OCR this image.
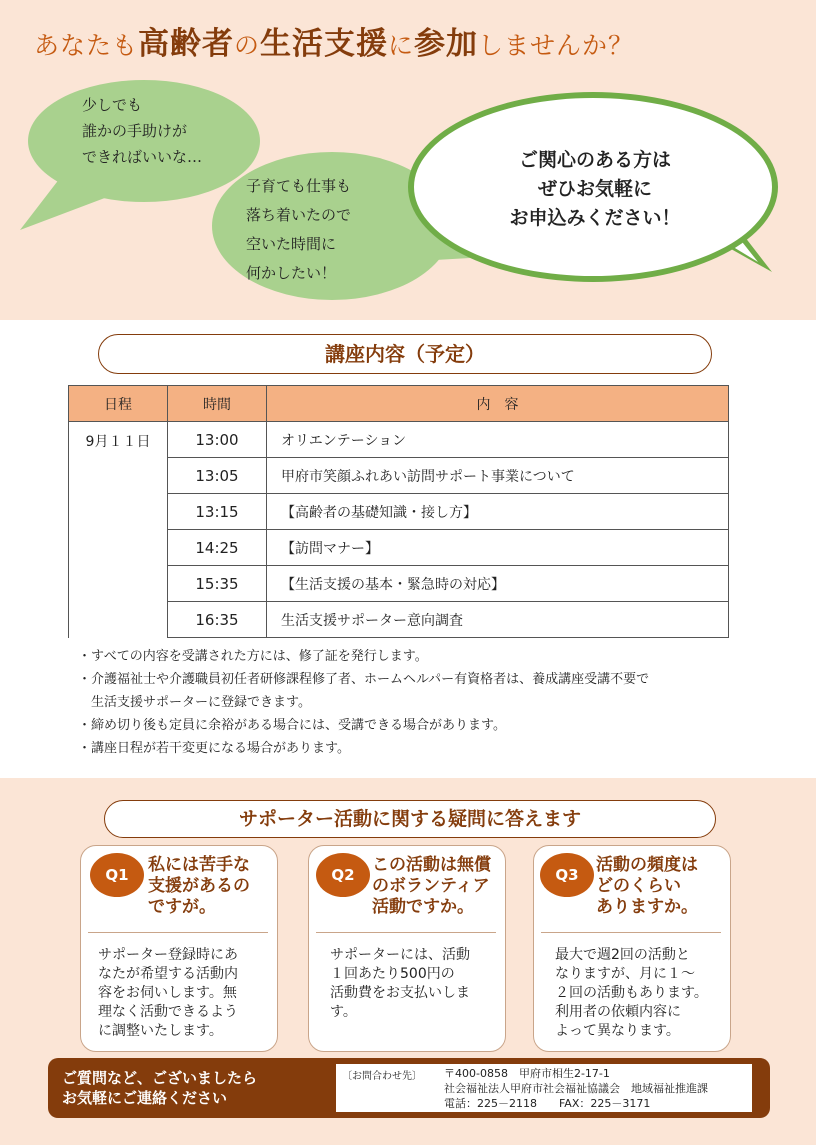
あなたも高齢者の生活支援に参加しませんか？
少しでも
誰かの手助けが
できればいいな…
子育ても仕事も
落ち着いたので
空いた時間に
何かしたい！
ご関心のある方は
ぜひお気軽に
お申込みください！
講座内容（予定）
日程	時間	内　容
9月１１日	13:00	オリエンテーション
	13:05	甲府市笑顔ふれあい訪問サポート事業について
	13:15	【高齢者の基礎知識・接し方】
	14:25	【訪問マナー】
	15:35	【生活支援の基本・緊急時の対応】
	16:35	生活支援サポーター意向調査
・すべての内容を受講された方には、修了証を発行します。
・介護福祉士や介護職員初任者研修課程修了者、ホームヘルパー有資格者は、養成講座受講不要で
　生活支援サポーターに登録できます。
・締め切り後も定員に余裕がある場合には、受講できる場合があります。
・講座日程が若干変更になる場合があります。
サポーター活動に関する疑問に答えます
Q1	私には苦手な
支援があるの
ですが。
サポーター登録時にあ
なたが希望する活動内
容をお伺いします。無
理なく活動できるよう
に調整いたします。
Q2	この活動は無償
のボランティア
活動ですか。
サポーターには、活動
１回あたり500円の
活動費をお支払いしま
す。
Q3	活動の頻度は
どのくらい
ありますか。
最大で週2回の活動と
なりますが、月に１～
２回の活動もあります。
利用者の依頼内容に
よって異なります。
ご質問など、ございましたら
お気軽にご連絡ください
〔お問合わせ先〕 〒400-0858　甲府市相生2-17-1
社会福祉法人甲府市社会福祉協議会　地域福祉推進課
電話：225－2118　　FAX：225－3171
